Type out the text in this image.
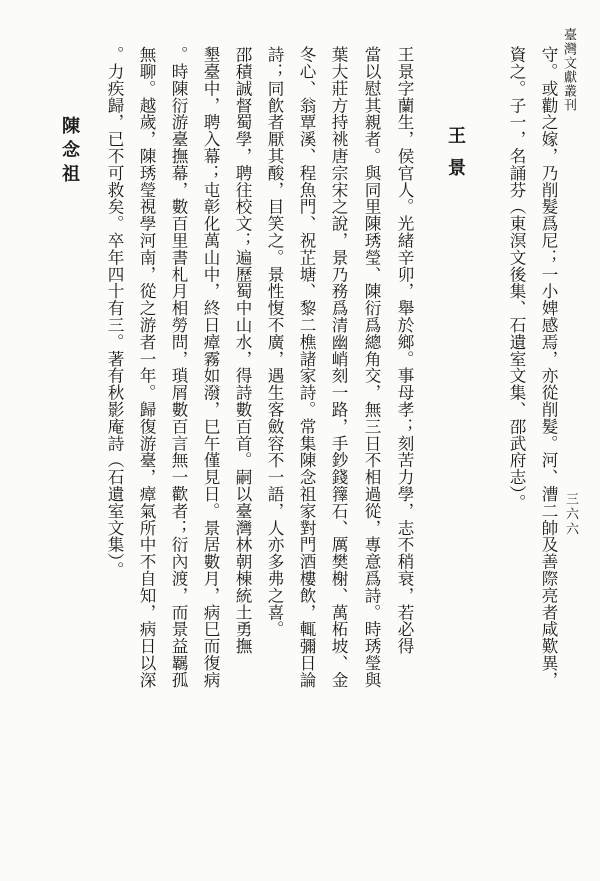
臺灣文獻叢刊
三六六
守。或勸之嫁，乃削髮爲尼；一小婢感焉，亦從削髮。河、漕二帥及善際亮者咸歎異，
資之。子一，名誦芬（東溟文後集、石遺室文集、邵武府志）。
王景
王景字蘭生，侯官人。光緒辛卯，舉於鄉。事母孝；刻苦力學，志不稍衰，若必得
當以慰其親者。與同里陳琇瑩、陳衍爲總角交，無三日不相過從，專意爲詩。時琇瑩與
葉大莊方持祧唐宗宋之說，景乃務爲清幽峭刻一路，手鈔錢籜石、厲樊榭、萬柘坡、金
冬心、翁覃溪、程魚門、祝芷塘、黎二樵諸家詩。常集陳念祖家對門酒樓飲，輒彌日論
詩；同飮者厭其酸，目笑之。景性愎不廣，遇生客斂容不一語，人亦多弗之喜。
邵積誠督蜀學，聘往校文；遍歷蜀中山水，得詩數百首。嗣以臺灣林朝棟統土勇撫
墾臺中，聘入幕；屯彰化萬山中，終日瘴霧如潑，巳午僅見日。景居數月，病巳而復病
。時陳衍游臺撫幕，數百里書札月相勞問，瑣屑數百言無一歡者；衍內渡，而景益羈孤
無聊。越歲，陳琇瑩視學河南，從之游者一年。歸復游臺，瘴氣所中不自知，病日以深
。力疾歸，已不可救矣。卒年四十有三。著有秋影庵詩（石遺室文集）。
陳念祖
